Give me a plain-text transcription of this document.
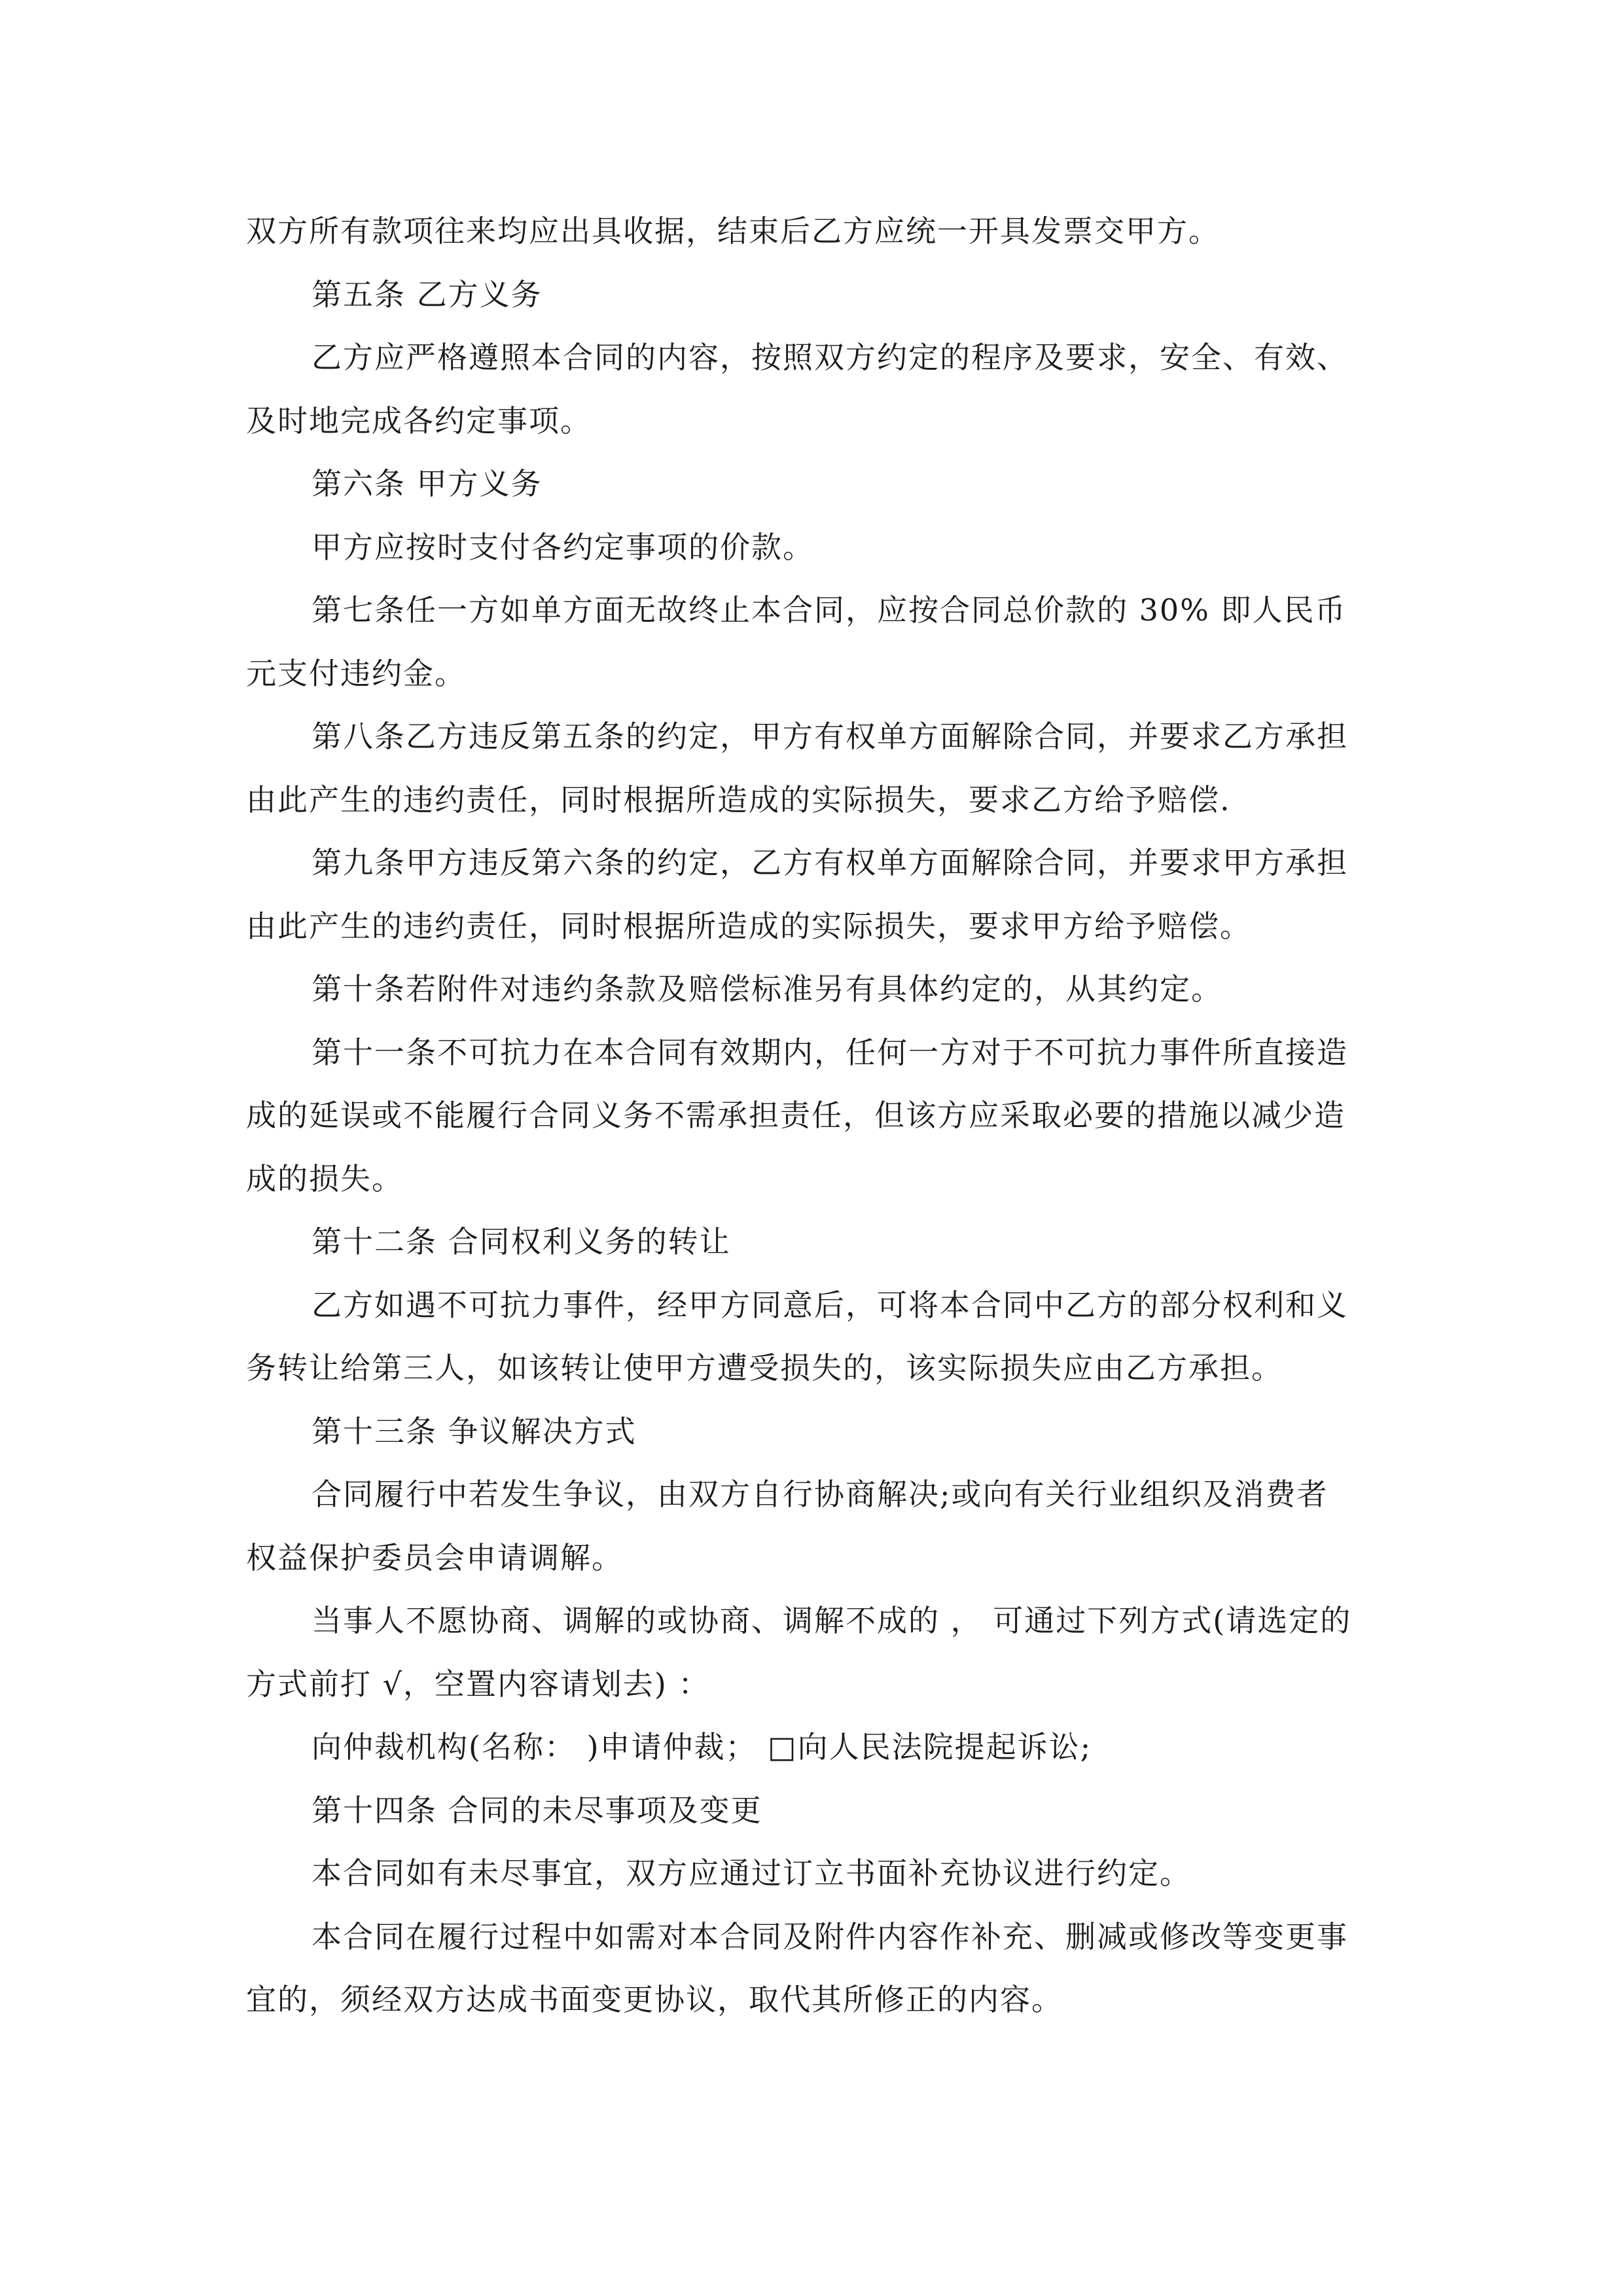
双方所有款项往来均应出具收据，结束后乙方应统一开具发票交甲方。
第五条 乙方义务
乙方应严格遵照本合同的内容，按照双方约定的程序及要求，安全、有效、
及时地完成各约定事项。
第六条 甲方义务
甲方应按时支付各约定事项的价款。
第七条任一方如单方面无故终止本合同，应按合同总价款的 30% 即人民币
元支付违约金。
第八条乙方违反第五条的约定，甲方有权单方面解除合同，并要求乙方承担
由此产生的违约责任，同时根据所造成的实际损失，要求乙方给予赔偿.
第九条甲方违反第六条的约定，乙方有权单方面解除合同，并要求甲方承担
由此产生的违约责任，同时根据所造成的实际损失，要求甲方给予赔偿。
第十条若附件对违约条款及赔偿标准另有具体约定的，从其约定。
第十一条不可抗力在本合同有效期内，任何一方对于不可抗力事件所直接造
成的延误或不能履行合同义务不需承担责任，但该方应采取必要的措施以减少造
成的损失。
第十二条 合同权利义务的转让
乙方如遇不可抗力事件，经甲方同意后，可将本合同中乙方的部分权利和义
务转让给第三人，如该转让使甲方遭受损失的，该实际损失应由乙方承担。
第十三条 争议解决方式
合同履行中若发生争议，由双方自行协商解决;或向有关行业组织及消费者
权益保护委员会申请调解。
当事人不愿协商、调解的或协商、调解不成的 ， 可通过下列方式(请选定的
方式前打 √，空置内容请划去) ：
向仲裁机构(名称： )申请仲裁； □向人民法院提起诉讼;
第十四条 合同的未尽事项及变更
本合同如有未尽事宜，双方应通过订立书面补充协议进行约定。
本合同在履行过程中如需对本合同及附件内容作补充、删减或修改等变更事
宜的，须经双方达成书面变更协议，取代其所修正的内容。
